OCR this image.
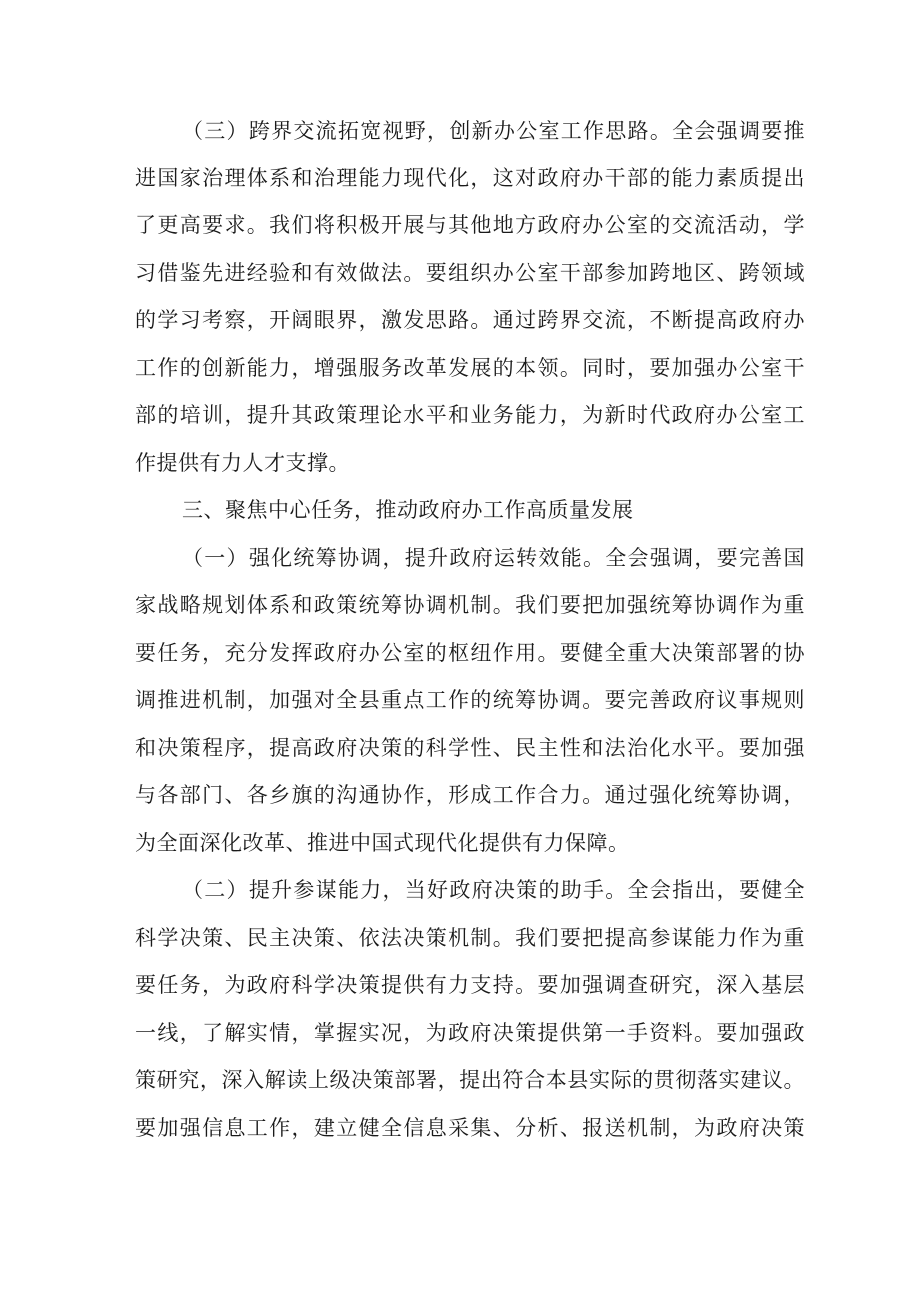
（三）跨界交流拓宽视野，创新办公室工作思路。全会强调要推
进国家治理体系和治理能力现代化，这对政府办干部的能力素质提出
了更高要求。我们将积极开展与其他地方政府办公室的交流活动，学
习借鉴先进经验和有效做法。要组织办公室干部参加跨地区、跨领域
的学习考察，开阔眼界，激发思路。通过跨界交流，不断提高政府办
工作的创新能力，增强服务改革发展的本领。同时，要加强办公室干
部的培训，提升其政策理论水平和业务能力，为新时代政府办公室工
作提供有力人才支撑。
三、聚焦中心任务，推动政府办工作高质量发展
（一）强化统筹协调，提升政府运转效能。全会强调，要完善国
家战略规划体系和政策统筹协调机制。我们要把加强统筹协调作为重
要任务，充分发挥政府办公室的枢纽作用。要健全重大决策部署的协
调推进机制，加强对全县重点工作的统筹协调。要完善政府议事规则
和决策程序，提高政府决策的科学性、民主性和法治化水平。要加强
与各部门、各乡旗的沟通协作，形成工作合力。通过强化统筹协调，
为全面深化改革、推进中国式现代化提供有力保障。
（二）提升参谋能力，当好政府决策的助手。全会指出，要健全
科学决策、民主决策、依法决策机制。我们要把提高参谋能力作为重
要任务，为政府科学决策提供有力支持。要加强调查研究，深入基层
一线，了解实情，掌握实况，为政府决策提供第一手资料。要加强政
策研究，深入解读上级决策部署，提出符合本县实际的贯彻落实建议。
要加强信息工作，建立健全信息采集、分析、报送机制，为政府决策
